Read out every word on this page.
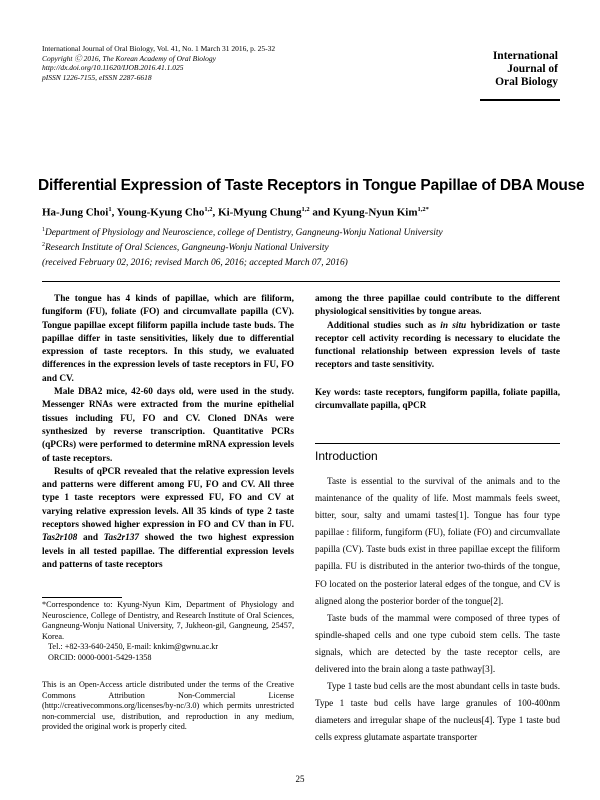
International Journal of Oral Biology, Vol. 41, No. 1 March 31 2016, p. 25-32
Copyright Ⓒ 2016, The Korean Academy of Oral Biology
http://dx.doi.org/10.11620/IJOB.2016.41.1.025
pISSN 1226-7155, eISSN 2287-6618
International
Journal of
Oral Biology
Differential Expression of Taste Receptors in Tongue Papillae of DBA Mouse
Ha-Jung Choi$^1$, Young-Kyung Cho$^{1,2}$, Ki-Myung Chung$^{1,2}$ and Kyung-Nyun Kim$^{1,2*}$
$^1$Department of Physiology and Neuroscience, college of Dentistry, Gangneung-Wonju National University
$^2$Research Institute of Oral Sciences, Gangneung-Wonju National University
(received February 02, 2016; revised March 06, 2016; accepted March 07, 2016)

The tongue has 4 kinds of papillae, which are filiform, fungiform (FU), foliate (FO) and circumvallate papilla (CV). Tongue papillae except filiform papilla include taste buds. The papillae differ in taste sensitivities, likely due to differential expression of taste receptors. In this study, we evaluated differences in the expression levels of taste receptors in FU, FO and CV.

Male DBA2 mice, 42-60 days old, were used in the study. Messenger RNAs were extracted from the murine epithelial tissues including FU, FO and CV. Cloned DNAs were synthesized by reverse transcription. Quantitative PCRs (qPCRs) were performed to determine mRNA expression levels of taste receptors.

Results of qPCR revealed that the relative expression levels and patterns were different among FU, FO and CV. All three type 1 taste receptors were expressed FU, FO and CV at varying relative expression levels. All 35 kinds of type 2 taste receptors showed higher expression in FO and CV than in FU. Tas2r108 and Tas2r137 showed the two highest expression levels in all tested papillae. The differential expression levels and patterns of taste receptors

among the three papillae could contribute to the different physiological sensitivities by tongue areas.

Additional studies such as in situ hybridization or taste receptor cell activity recording is necessary to elucidate the functional relationship between expression levels of taste receptors and taste sensitivity.

Key words: taste receptors, fungiform papilla, foliate papilla, circumvallate papilla, qPCR
Introduction

Taste is essential to the survival of the animals and to the maintenance of the quality of life. Most mammals feels sweet, bitter, sour, salty and umami tastes[1]. Tongue has four type papillae : filiform, fungiform (FU), foliate (FO) and circumvallate papilla (CV). Taste buds exist in three papillae except the filiform papilla. FU is distributed in the anterior two-thirds of the tongue, FO located on the posterior lateral edges of the tongue, and CV is aligned along the posterior border of the tongue[2].

Taste buds of the mammal were composed of three types of spindle-shaped cells and one type cuboid stem cells. The taste signals, which are detected by the taste receptor cells, are delivered into the brain along a taste pathway[3].

Type 1 taste bud cells are the most abundant cells in taste buds. Type 1 taste bud cells have large granules of 100-400nm diameters and irregular shape of the nucleus[4]. Type 1 taste bud cells express glutamate aspartate transporter

*Correspondence to: Kyung-Nyun Kim, Department of Physiology and Neuroscience, College of Dentistry, and Research Institute of Oral Sciences, Gangneung-Wonju National University, 7, Jukheon-gil, Gangneung, 25457, Korea.
Tel.: +82-33-640-2450, E-mail: knkim@gwnu.ac.kr
ORCID: 0000-0001-5429-1358
This is an Open-Access article distributed under the terms of the Creative Commons Attribution Non-Commercial License (http://creativecommons.org/licenses/by-nc/3.0) which permits unrestricted non-commercial use, distribution, and reproduction in any medium, provided the original work is properly cited.
25
